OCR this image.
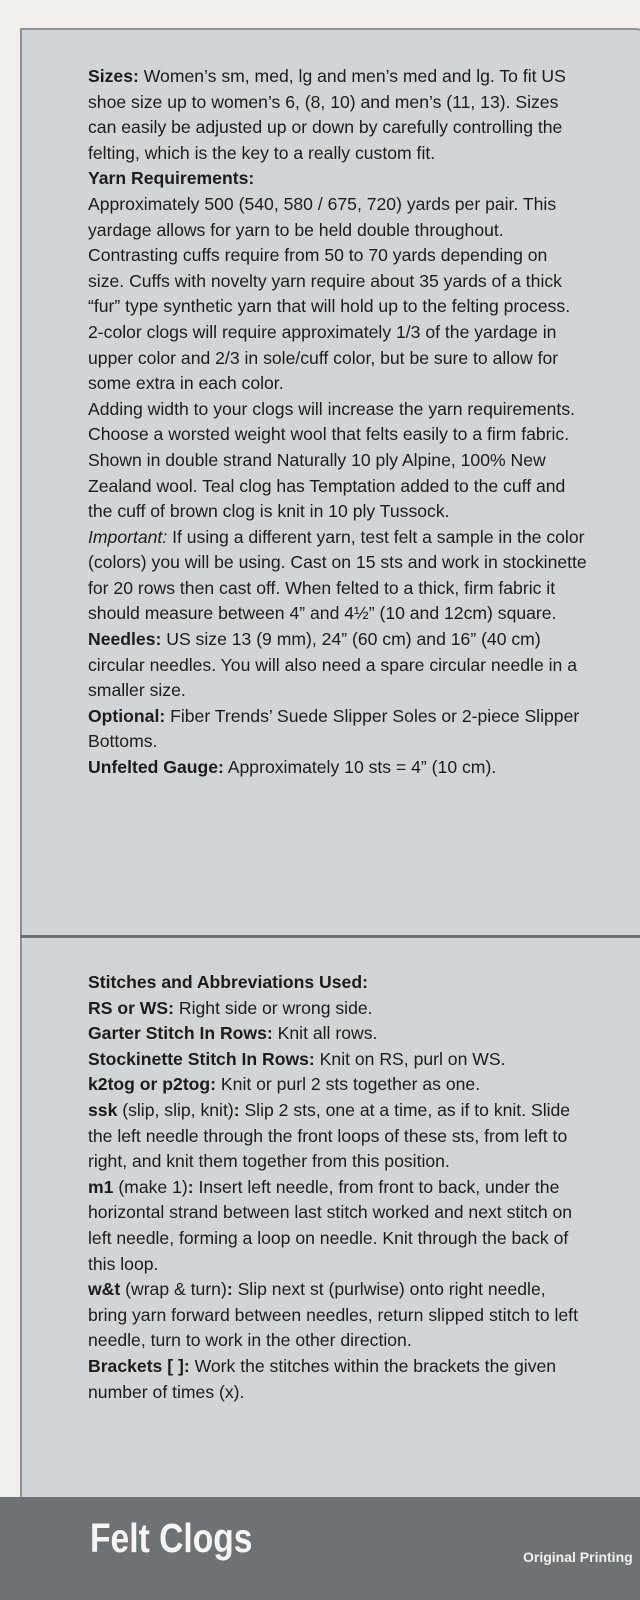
Sizes: Women’s sm, med, lg and men’s med and lg. To fit US shoe size up to women’s 6, (8, 10) and men’s (11, 13). Sizes can easily be adjusted up or down by carefully controlling the felting, which is the key to a really custom fit.

Yarn Requirements:

Approximately 500 (540, 580 / 675, 720) yards per pair. This yardage allows for yarn to be held double throughout. Contrasting cuffs require from 50 to 70 yards depending on size. Cuffs with novelty yarn require about 35 yards of a thick “fur” type synthetic yarn that will hold up to the felting process.

2-color clogs will require approximately 1/3 of the yardage in upper color and 2/3 in sole/cuff color, but be sure to allow for some extra in each color.

Adding width to your clogs will increase the yarn requirements.

Choose a worsted weight wool that felts easily to a firm fabric. Shown in double strand Naturally 10 ply Alpine, 100% New Zealand wool. Teal clog has Temptation added to the cuff and the cuff of brown clog is knit in 10 ply Tussock.

Important: If using a different yarn, test felt a sample in the color (colors) you will be using. Cast on 15 sts and work in stockinette for 20 rows then cast off. When felted to a thick, firm fabric it should measure between 4” and 4½” (10 and 12cm) square.

Needles: US size 13 (9 mm), 24” (60 cm) and 16” (40 cm) circular needles. You will also need a spare circular needle in a smaller size.

Optional: Fiber Trends’ Suede Slipper Soles or 2-piece Slipper Bottoms.

Unfelted Gauge: Approximately 10 sts = 4” (10 cm).

Stitches and Abbreviations Used:

RS or WS: Right side or wrong side.

Garter Stitch In Rows: Knit all rows.

Stockinette Stitch In Rows: Knit on RS, purl on WS.

k2tog or p2tog: Knit or purl 2 sts together as one.

ssk (slip, slip, knit): Slip 2 sts, one at a time, as if to knit. Slide the left needle through the front loops of these sts, from left to right, and knit them together from this position.

m1 (make 1): Insert left needle, from front to back, under the horizontal strand between last stitch worked and next stitch on left needle, forming a loop on needle. Knit through the back of this loop.

w&t (wrap & turn): Slip next st (purlwise) onto right needle, bring yarn forward between needles, return slipped stitch to left needle, turn to work in the other direction.

Brackets [ ]: Work the stitches within the brackets the given number of times (x).

Felt Clogs	Original Printing
